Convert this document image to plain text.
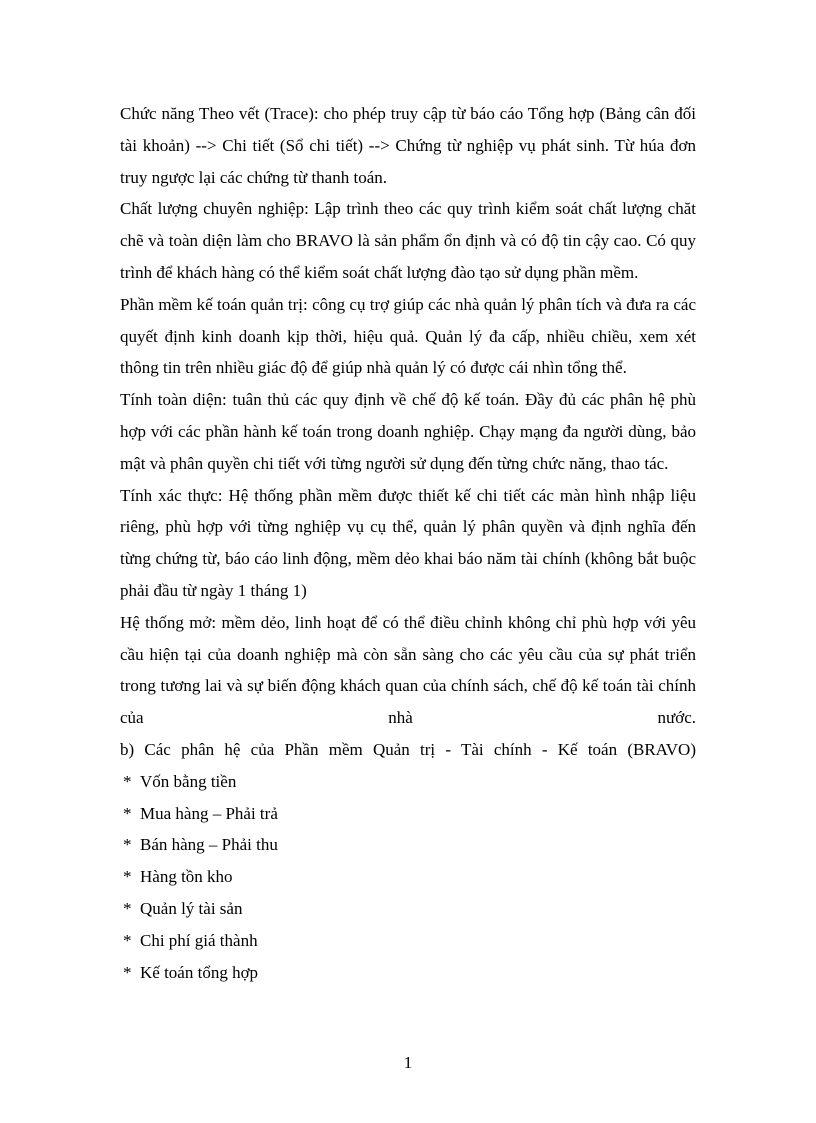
Chức năng Theo vết (Trace): cho phép truy cập từ báo cáo Tổng hợp (Bảng cân đối tài khoản) --> Chi tiết (Sổ chi tiết) --> Chứng từ nghiệp vụ phát sinh. Từ húa đơn truy ngược lại các chứng từ thanh toán.

Chất lượng chuyên nghiệp: Lập trình theo các quy trình kiểm soát chất lượng chăt chẽ và toàn diện làm cho BRAVO là sản phẩm ổn định và có độ tin cậy cao. Có quy trình để khách hàng có thể kiểm soát chất lượng đào tạo sử dụng phần mềm.

Phần mềm kế toán quản trị: công cụ trợ giúp các nhà quản lý phân tích và đưa ra các quyết định kinh doanh kịp thời, hiệu quả. Quản lý đa cấp, nhiều chiều, xem xét thông tin trên nhiều giác độ để giúp nhà quản lý có được cái nhìn tổng thể.

Tính toàn diện: tuân thủ các quy định về chế độ kế toán. Đầy đủ các phân hệ phù hợp với các phần hành kế toán trong doanh nghiệp. Chạy mạng đa người dùng, bảo mật và phân quyền chi tiết với từng người sử dụng đến từng chức năng, thao tác.

Tính xác thực: Hệ thống phần mềm được thiết kế chi tiết các màn hình nhập liệu riêng, phù hợp với từng nghiệp vụ cụ thể, quản lý phân quyền và định nghĩa đến từng chứng từ, báo cáo linh động, mềm dẻo khai báo năm tài chính (không bắt buộc phải đầu từ ngày 1 tháng 1)

Hệ thống mở: mềm dẻo, linh hoạt để có thể điều chỉnh không chỉ phù hợp với yêu cầu hiện tại của doanh nghiệp mà còn sẵn sàng cho các yêu cầu của sự phát triển trong tương lai và sự biến động khách quan của chính sách, chế độ kế toán tài chính của nhà nước.

b) Các phân hệ của Phần mềm Quản trị - Tài chính - Kế toán (BRAVO)

* Vốn bằng tiền
* Mua hàng – Phải trả
* Bán hàng – Phải thu
* Hàng tồn kho
* Quản lý tài sản
* Chi phí giá thành
* Kế toán tổng hợp
1
